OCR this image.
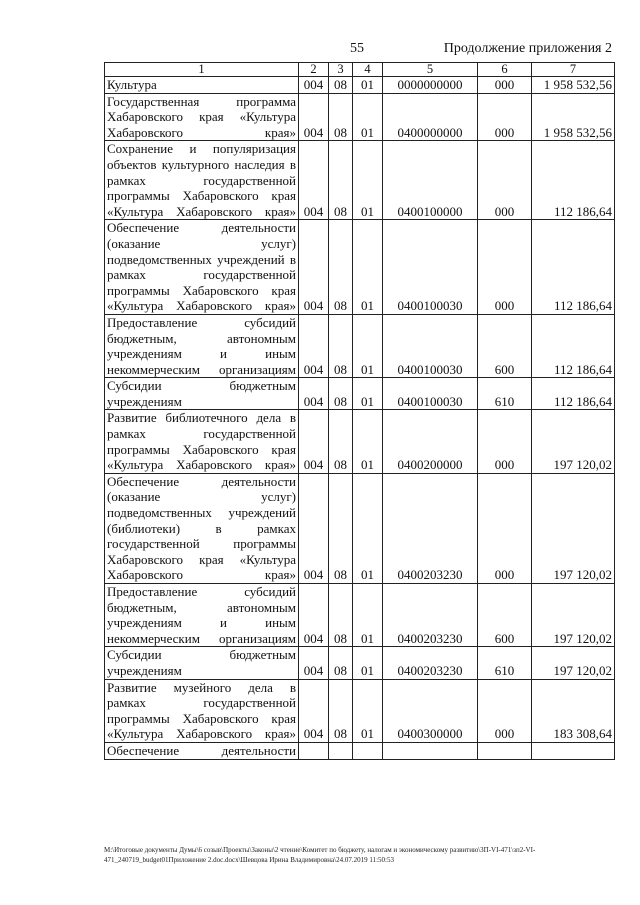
55	Продолжение приложения 2
1	2	3	4	5	6	7
Культура	004	08	01	0000000000	000	1 958 532,56
Государственная программа Хабаровского края «Культура Хабаровского края»	004	08	01	0400000000	000	1 958 532,56
Сохранение и популяризация объектов культурного наследия в рамках государственной программы Хабаровского края «Культура Хабаровского края»	004	08	01	0400100000	000	112 186,64
Обеспечение деятельности (оказание услуг) подведомственных учреждений в рамках государственной программы Хабаровского края «Культура Хабаровского края»	004	08	01	0400100030	000	112 186,64
Предоставление субсидий бюджетным, автономным учреждениям и иным некоммерческим организациям	004	08	01	0400100030	600	112 186,64
Субсидии бюджетным учреждениям	004	08	01	0400100030	610	112 186,64
Развитие библиотечного дела в рамках государственной программы Хабаровского края «Культура Хабаровского края»	004	08	01	0400200000	000	197 120,02
Обеспечение деятельности (оказание услуг) подведомственных учреждений (библиотеки) в рамках государственной программы Хабаровского края «Культура Хабаровского края»	004	08	01	0400203230	000	197 120,02
Предоставление субсидий бюджетным, автономным учреждениям и иным некоммерческим организациям	004	08	01	0400203230	600	197 120,02
Субсидии бюджетным учреждениям	004	08	01	0400203230	610	197 120,02
Развитие музейного дела в рамках государственной программы Хабаровского края «Культура Хабаровского края»	004	08	01	0400300000	000	183 308,64
Обеспечение деятельности						
M:\Итоговые документы Думы\6 созыв\Проекты\Законы\2 чтение\Комитет по бюджету, налогам и экономическому развитию\3П-VI-471\зп2-VI-471_240719_budget01Приложение 2.doc.docx\Шевцова Ирина Владимировна\24.07.2019 11:50:53
